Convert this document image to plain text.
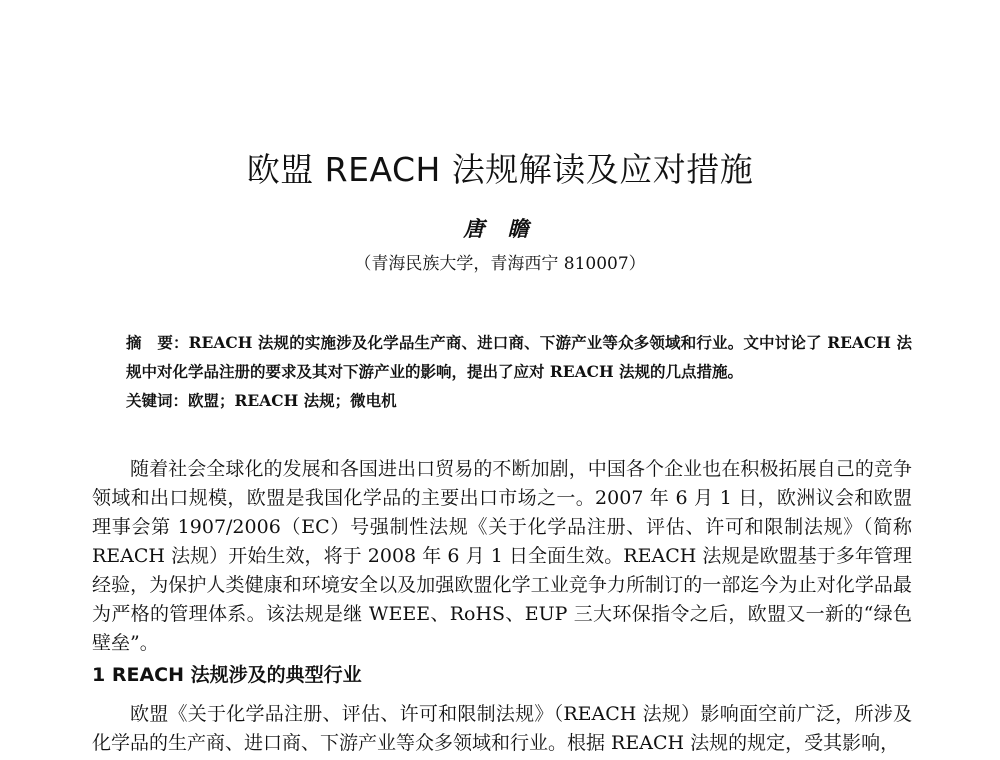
欧盟 REACH 法规解读及应对措施
唐 瞻
（青海民族大学，青海西宁 810007）

摘　要：REACH 法规的实施涉及化学品生产商、进口商、下游产业等众多领域和行业。文中讨论了 REACH 法规中对化学品注册的要求及其对下游产业的影响，提出了应对 REACH 法规的几点措施。

关键词：欧盟；REACH 法规；微电机

随着社会全球化的发展和各国进出口贸易的不断加剧，中国各个企业也在积极拓展自己的竞争领域和出口规模，欧盟是我国化学品的主要出口市场之一。2007 年 6 月 1 日，欧洲议会和欧盟理事会第 1907/2006（EC）号强制性法规《关于化学品注册、评估、许可和限制法规》（简称 REACH 法规）开始生效，将于 2008 年 6 月 1 日全面生效。REACH 法规是欧盟基于多年管理经验，为保护人类健康和环境安全以及加强欧盟化学工业竞争力所制订的一部迄今为止对化学品最为严格的管理体系。该法规是继 WEEE、RoHS、EUP 三大环保指令之后，欧盟又一新的“绿色壁垒”。

1 REACH 法规涉及的典型行业

欧盟《关于化学品注册、评估、许可和限制法规》（REACH 法规）影响面空前广泛，所涉及化学品的生产商、进口商、下游产业等众多领域和行业。根据 REACH 法规的规定，受其影响，
